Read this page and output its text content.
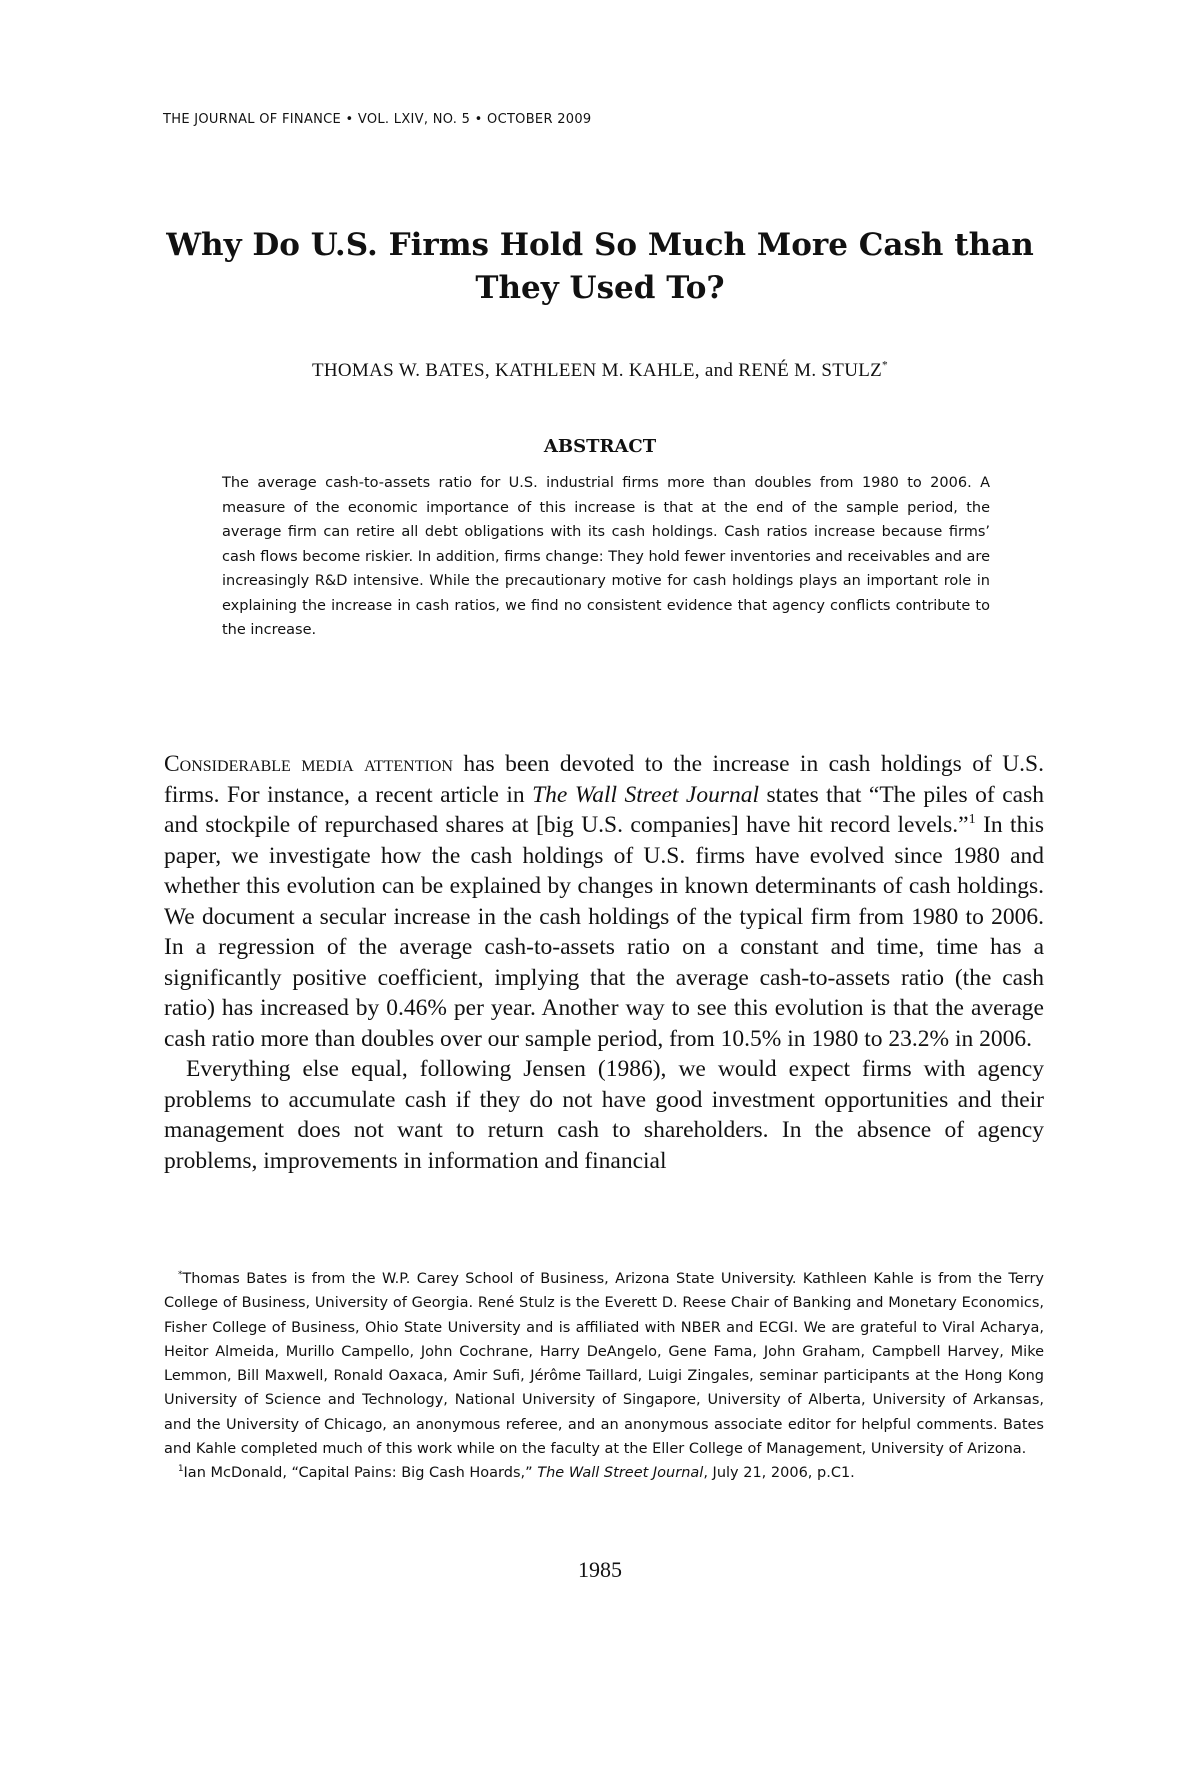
THE JOURNAL OF FINANCE • VOL. LXIV, NO. 5 • OCTOBER 2009
Why Do U.S. Firms Hold So Much More Cash than They Used To?
THOMAS W. BATES, KATHLEEN M. KAHLE, and RENÉ M. STULZ*
ABSTRACT

The average cash-to-assets ratio for U.S. industrial firms more than doubles from 1980 to 2006. A measure of the economic importance of this increase is that at the end of the sample period, the average firm can retire all debt obligations with its cash holdings. Cash ratios increase because firms’ cash flows become riskier. In addition, firms change: They hold fewer inventories and receivables and are increasingly R&D intensive. While the precautionary motive for cash holdings plays an important role in explaining the increase in cash ratios, we find no consistent evidence that agency conflicts contribute to the increase.

Considerable media attention has been devoted to the increase in cash holdings of U.S. firms. For instance, a recent article in The Wall Street Journal states that “The piles of cash and stockpile of repurchased shares at [big U.S. companies] have hit record levels.”$^1$ In this paper, we investigate how the cash holdings of U.S. firms have evolved since 1980 and whether this evolution can be explained by changes in known determinants of cash holdings. We document a secular increase in the cash holdings of the typical firm from 1980 to 2006. In a regression of the average cash-to-assets ratio on a constant and time, time has a significantly positive coefficient, implying that the average cash-to-assets ratio (the cash ratio) has increased by 0.46% per year. Another way to see this evolution is that the average cash ratio more than doubles over our sample period, from 10.5% in 1980 to 23.2% in 2006.

Everything else equal, following Jensen (1986), we would expect firms with agency problems to accumulate cash if they do not have good investment opportunities and their management does not want to return cash to shareholders. In the absence of agency problems, improvements in information and financial

*Thomas Bates is from the W.P. Carey School of Business, Arizona State University. Kathleen Kahle is from the Terry College of Business, University of Georgia. René Stulz is the Everett D. Reese Chair of Banking and Monetary Economics, Fisher College of Business, Ohio State University and is affiliated with NBER and ECGI. We are grateful to Viral Acharya, Heitor Almeida, Murillo Campello, John Cochrane, Harry DeAngelo, Gene Fama, John Graham, Campbell Harvey, Mike Lemmon, Bill Maxwell, Ronald Oaxaca, Amir Sufi, Jérôme Taillard, Luigi Zingales, seminar participants at the Hong Kong University of Science and Technology, National University of Singapore, University of Alberta, University of Arkansas, and the University of Chicago, an anonymous referee, and an anonymous associate editor for helpful comments. Bates and Kahle completed much of this work while on the faculty at the Eller College of Management, University of Arizona.

$^1$Ian McDonald, “Capital Pains: Big Cash Hoards,” The Wall Street Journal, July 21, 2006, p.C1.

1985
